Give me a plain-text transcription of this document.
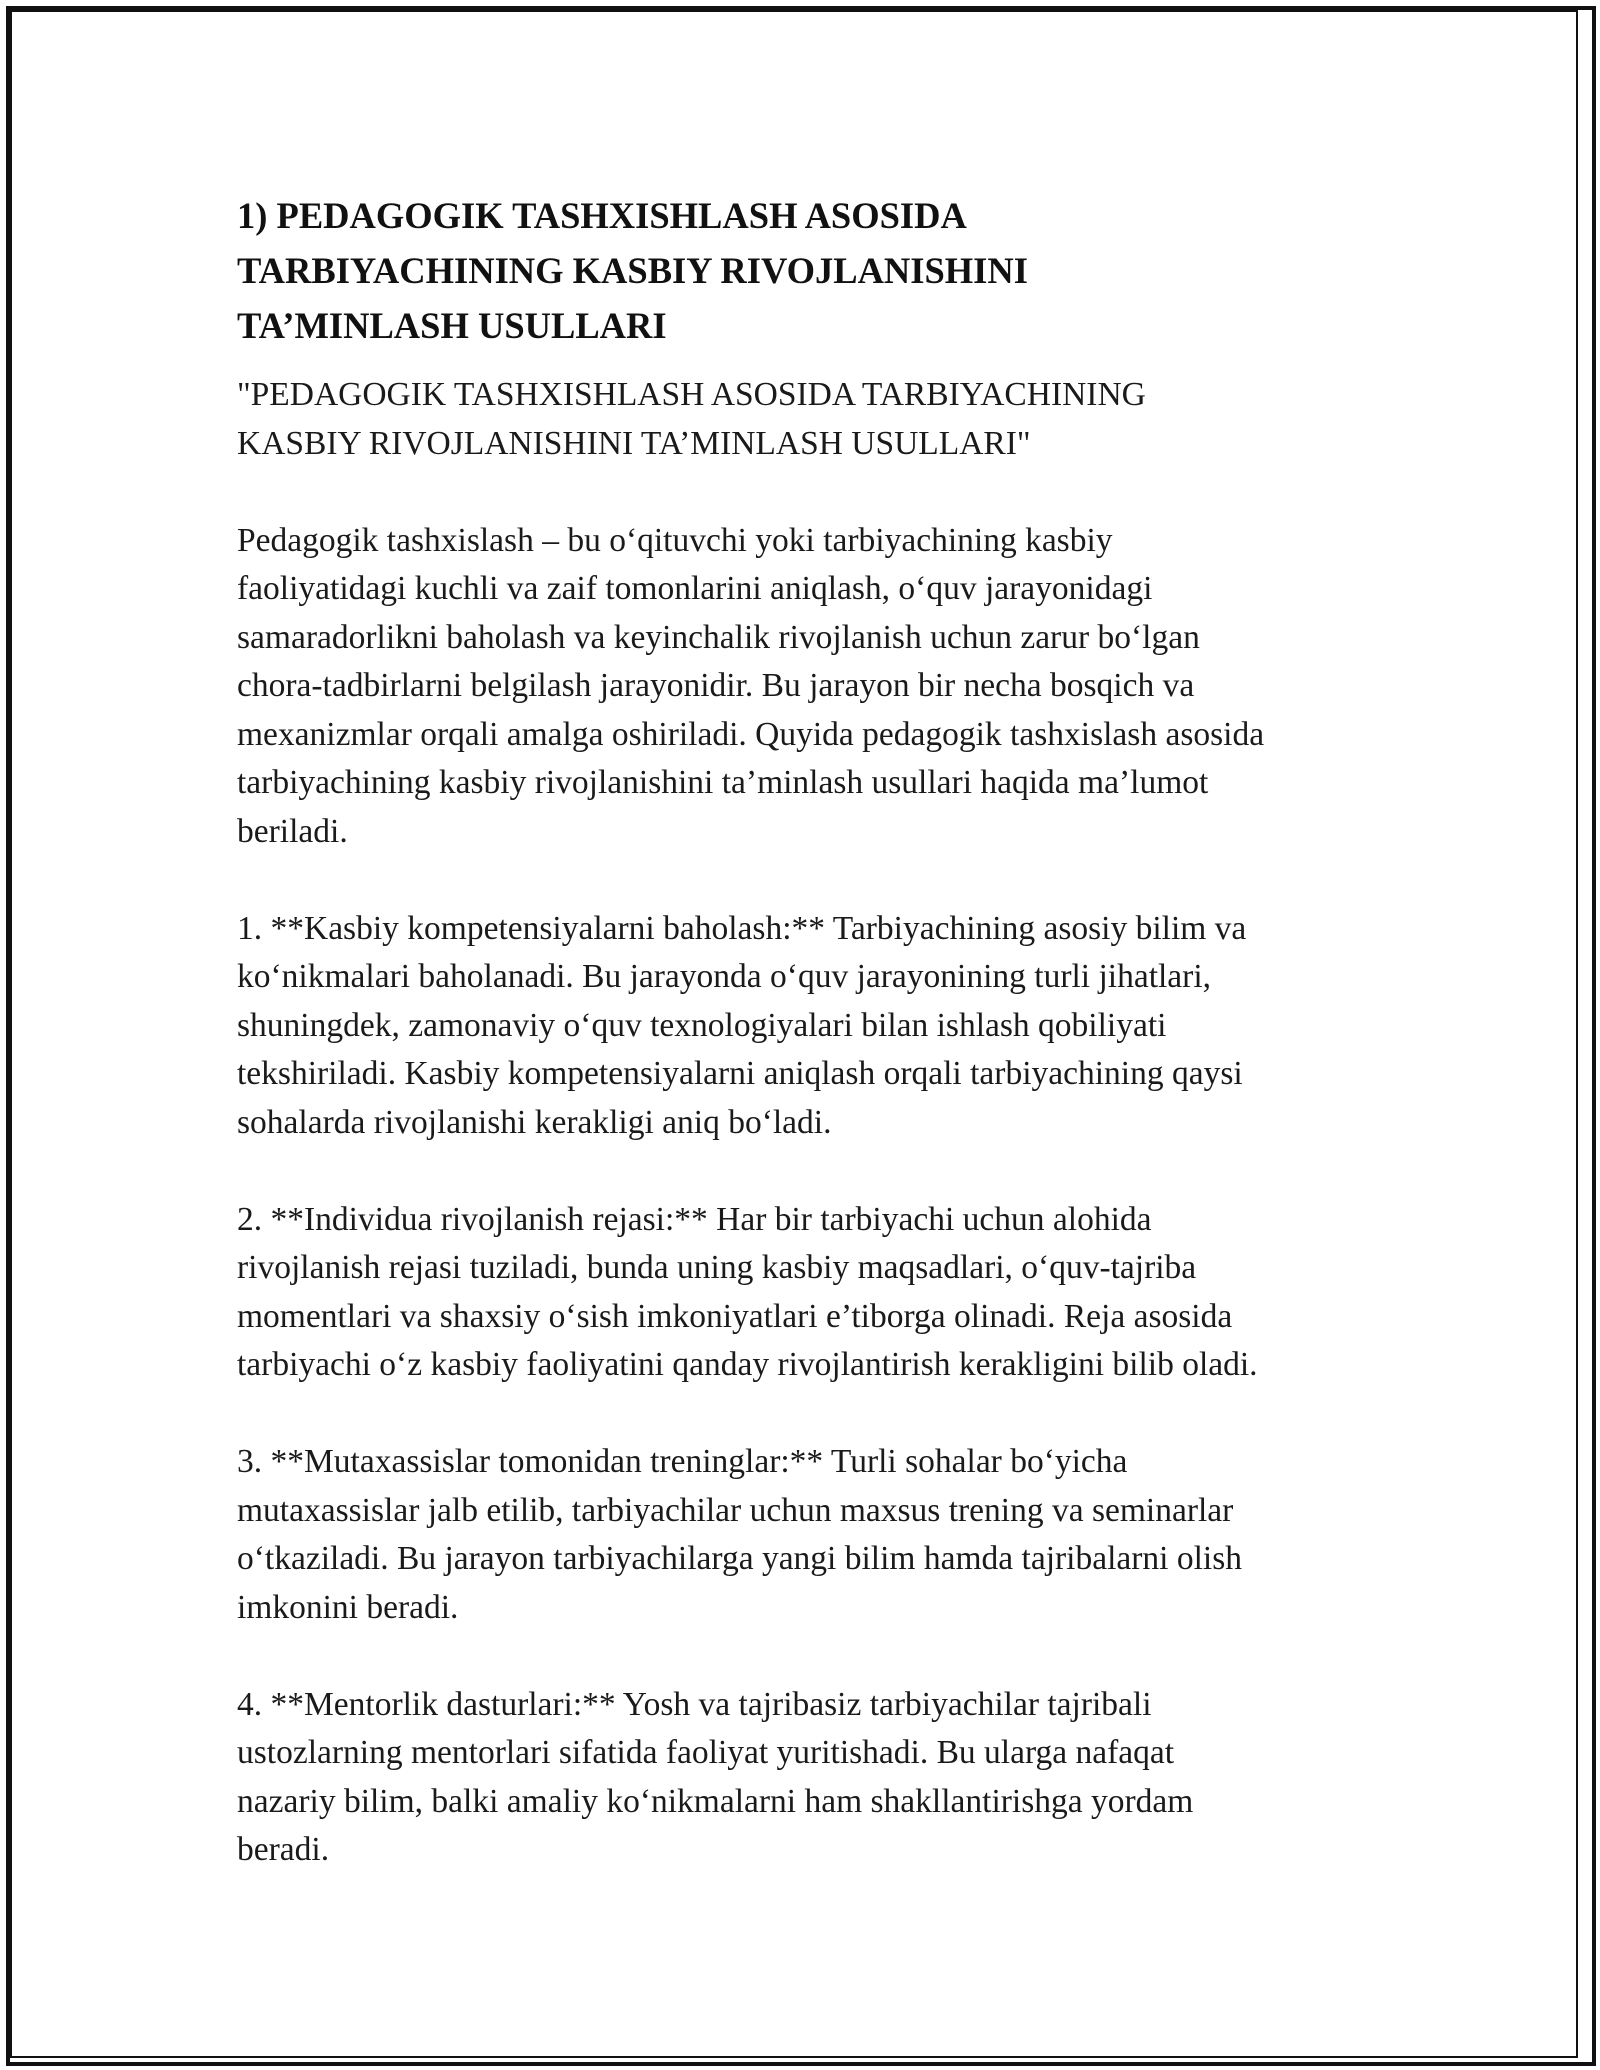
1) PEDAGOGIK TASHXISHLASH ASOSIDA
TARBIYACHINING KASBIY RIVOJLANISHINI
TA’MINLASH USULLARI
"PEDAGOGIK TASHXISHLASH ASOSIDA TARBIYACHINING
KASBIY RIVOJLANISHINI TA’MINLASH USULLARI"
Pedagogik tashxislash – bu o‘qituvchi yoki tarbiyachining kasbiy
faoliyatidagi kuchli va zaif tomonlarini aniqlash, o‘quv jarayonidagi
samaradorlikni baholash va keyinchalik rivojlanish uchun zarur bo‘lgan
chora-tadbirlarni belgilash jarayonidir. Bu jarayon bir necha bosqich va
mexanizmlar orqali amalga oshiriladi. Quyida pedagogik tashxislash asosida
tarbiyachining kasbiy rivojlanishini ta’minlash usullari haqida ma’lumot
beriladi.
1. **Kasbiy kompetensiyalarni baholash:** Tarbiyachining asosiy bilim va
ko‘nikmalari baholanadi. Bu jarayonda o‘quv jarayonining turli jihatlari,
shuningdek, zamonaviy o‘quv texnologiyalari bilan ishlash qobiliyati
tekshiriladi. Kasbiy kompetensiyalarni aniqlash orqali tarbiyachining qaysi
sohalarda rivojlanishi kerakligi aniq bo‘ladi.
2. **Individua rivojlanish rejasi:** Har bir tarbiyachi uchun alohida
rivojlanish rejasi tuziladi, bunda uning kasbiy maqsadlari, o‘quv-tajriba
momentlari va shaxsiy o‘sish imkoniyatlari e’tiborga olinadi. Reja asosida
tarbiyachi o‘z kasbiy faoliyatini qanday rivojlantirish kerakligini bilib oladi.
3. **Mutaxassislar tomonidan treninglar:** Turli sohalar bo‘yicha
mutaxassislar jalb etilib, tarbiyachilar uchun maxsus trening va seminarlar
o‘tkaziladi. Bu jarayon tarbiyachilarga yangi bilim hamda tajribalarni olish
imkonini beradi.
4. **Mentorlik dasturlari:** Yosh va tajribasiz tarbiyachilar tajribali
ustozlarning mentorlari sifatida faoliyat yuritishadi. Bu ularga nafaqat
nazariy bilim, balki amaliy ko‘nikmalarni ham shakllantirishga yordam
beradi.
